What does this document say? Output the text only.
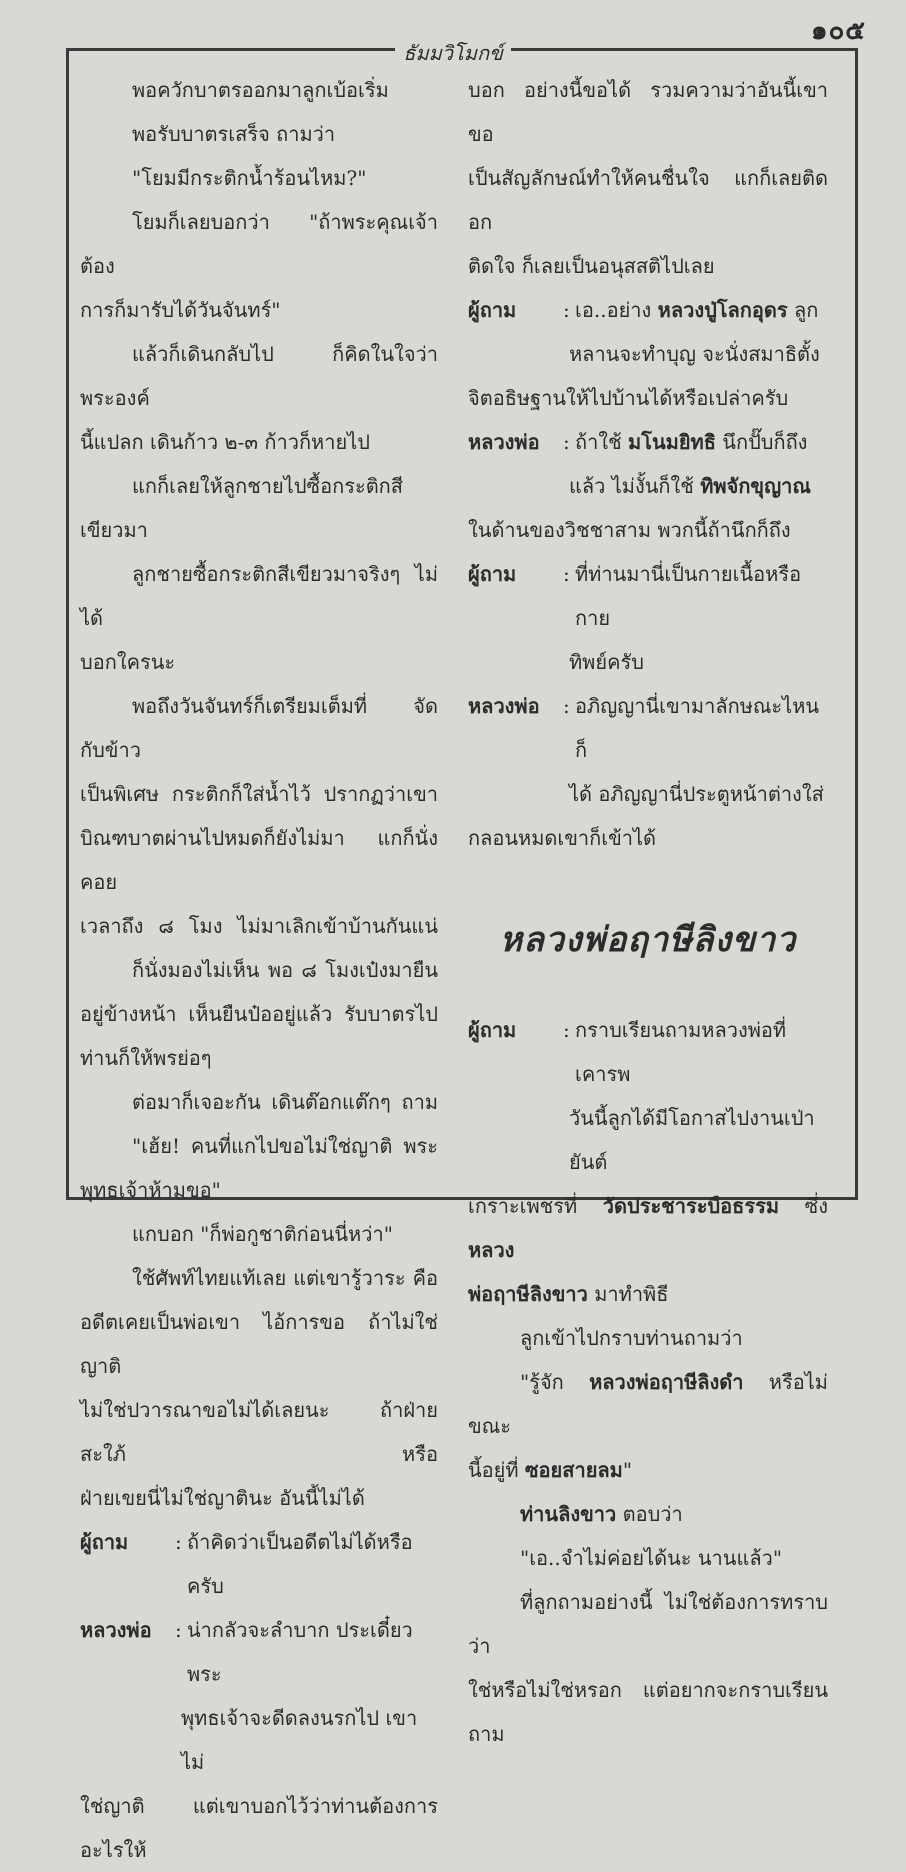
๑๐๕
ธัมมวิโมกข์

พอควักบาตรออกมาลูกเบ้อเริ่ม

พอรับบาตรเสร็จ ถามว่า

"โยมมีกระติกน้ำร้อนไหม?"

โยมก็เลยบอกว่า "ถ้าพระคุณเจ้าต้อง

การก็มารับได้วันจันทร์"

แล้วก็เดินกลับไป ก็คิดในใจว่าพระองค์

นี้แปลก เดินก้าว ๒-๓ ก้าวก็หายไป

แกก็เลยให้ลูกชายไปซื้อกระติกสีเขียวมา

ลูกชายซื้อกระติกสีเขียวมาจริงๆ ไม่ได้

บอกใครนะ

พอถึงวันจันทร์ก็เตรียมเต็มที่ จัดกับข้าว

เป็นพิเศษ กระติกก็ใส่น้ำไว้ ปรากฏว่าเขา

บิณฑบาตผ่านไปหมดก็ยังไม่มา แกก็นั่งคอย

เวลาถึง ๘ โมง ไม่มาเลิกเข้าบ้านกันแน่

ก็นั่งมองไม่เห็น พอ ๘ โมงเป๋งมายืน

อยู่ข้างหน้า เห็นยืนป๋ออยู่แล้ว รับบาตรไป

ท่านก็ให้พรย่อๆ

ต่อมาก็เจอะกัน เดินต๊อกแต๊กๆ ถาม

"เฮ้ย! คนที่แกไปขอไม่ใช่ญาติ พระ

พุทธเจ้าห้ามขอ"

แกบอก "ก็พ่อกูชาติก่อนนี่หว่า"

ใช้ศัพท์ไทยแท้เลย แต่เขารู้วาระ คือ

อดีตเคยเป็นพ่อเขา ไอ้การขอ ถ้าไม่ใช่ญาติ

ไม่ใช่ปวารณาขอไม่ได้เลยนะ ถ้าฝ่ายสะใภ้ หรือ

ฝ่ายเขยนี่ไม่ใช่ญาตินะ อันนี้ไม่ได้

ผู้ถาม	: ถ้าคิดว่าเป็นอดีตไม่ได้หรือครับ
หลวงพ่อ	: น่ากลัวจะลำบาก ประเดี๋ยวพระ

พุทธเจ้าจะดีดลงนรกไป เขาไม่

ใช่ญาติ แต่เขาบอกไว้ว่าท่านต้องการอะไรให้

บอก อย่างนี้ขอได้ รวมความว่าอันนี้เขาขอ

เป็นสัญลักษณ์ทำให้คนชื่นใจ แกก็เลยติดอก

ติดใจ ก็เลยเป็นอนุสสติไปเลย

ผู้ถาม	: เอ..อย่าง หลวงปู่โลกอุดร ลูก

หลานจะทำบุญ จะนั่งสมาธิตั้ง

จิตอธิษฐานให้ไปบ้านได้หรือเปล่าครับ

หลวงพ่อ	: ถ้าใช้ มโนมยิทธิ นึกปั๊บก็ถึง

แล้ว ไม่งั้นก็ใช้ ทิพจักขุญาณ

ในด้านของวิชชาสาม พวกนี้ถ้านึกก็ถึง

ผู้ถาม	: ที่ท่านมานี่เป็นกายเนื้อหรือกาย

ทิพย์ครับ

หลวงพ่อ	: อภิญญานี่เขามาลักษณะไหนก็

ได้ อภิญญานี่ประตูหน้าต่างใส่

กลอนหมดเขาก็เข้าได้

หลวงพ่อฤาษีลิงขาว
ผู้ถาม	: กราบเรียนถามหลวงพ่อที่เคารพ

วันนี้ลูกได้มีโอกาสไปงานเป่ายันต์

เกราะเพชรที่ วัดประชาระบือธรรม ซึ่ง หลวง

พ่อฤาษีลิงขาว มาทำพิธี

ลูกเข้าไปกราบท่านถามว่า

"รู้จัก หลวงพ่อฤาษีลิงดำ หรือไม่ ขณะ

นี้อยู่ที่ ซอยสายลม"

ท่านลิงขาว ตอบว่า

"เอ..จำไม่ค่อยได้นะ นานแล้ว"

ที่ลูกถามอย่างนี้ ไม่ใช่ต้องการทราบว่า

ใช่หรือไม่ใช่หรอก แต่อยากจะกราบเรียนถาม
